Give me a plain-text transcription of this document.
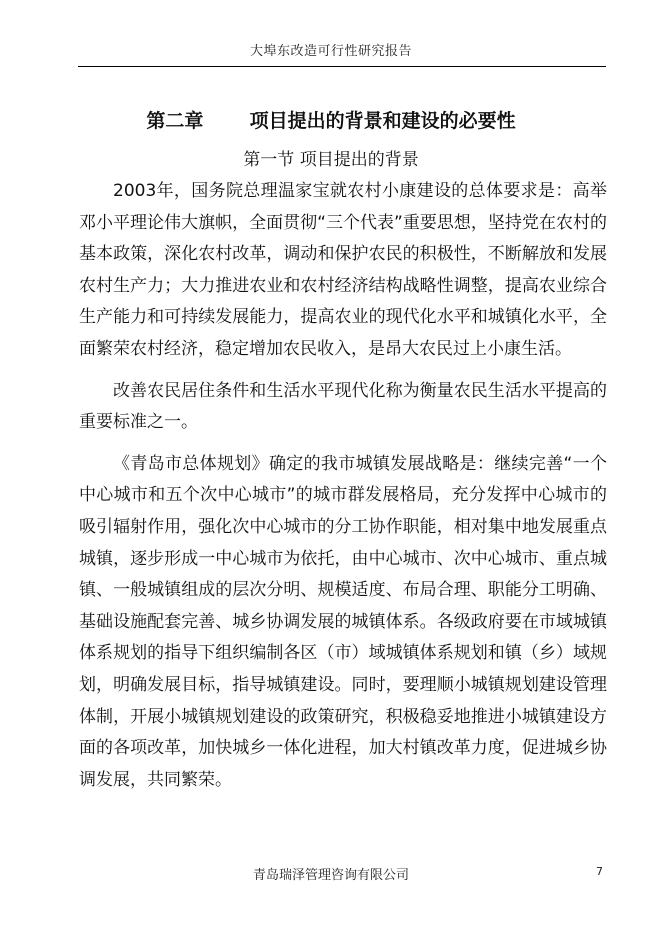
大埠东改造可行性研究报告
第二章       项目提出的背景和建设的必要性
第一节 项目提出的背景

2003年，国务院总理温家宝就农村小康建设的总体要求是：高举邓小平理论伟大旗帜，全面贯彻“三个代表”重要思想，坚持党在农村的基本政策，深化农村改革，调动和保护农民的积极性，不断解放和发展农村生产力；大力推进农业和农村经济结构战略性调整，提高农业综合生产能力和可持续发展能力，提高农业的现代化水平和城镇化水平，全面繁荣农村经济，稳定增加农民收入，是昂大农民过上小康生活。

改善农民居住条件和生活水平现代化称为衡量农民生活水平提高的重要标准之一。

《青岛市总体规划》确定的我市城镇发展战略是：继续完善“一个中心城市和五个次中心城市”的城市群发展格局，充分发挥中心城市的吸引辐射作用，强化次中心城市的分工协作职能，相对集中地发展重点城镇，逐步形成一中心城市为依托，由中心城市、次中心城市、重点城镇、一般城镇组成的层次分明、规模适度、布局合理、职能分工明确、基础设施配套完善、城乡协调发展的城镇体系。各级政府要在市域城镇体系规划的指导下组织编制各区（市）域城镇体系规划和镇（乡）域规划，明确发展目标，指导城镇建设。同时，要理顺小城镇规划建设管理体制，开展小城镇规划建设的政策研究，积极稳妥地推进小城镇建设方面的各项改革，加快城乡一体化进程，加大村镇改革力度，促进城乡协调发展，共同繁荣。

青岛瑞泽管理咨询有限公司	7
